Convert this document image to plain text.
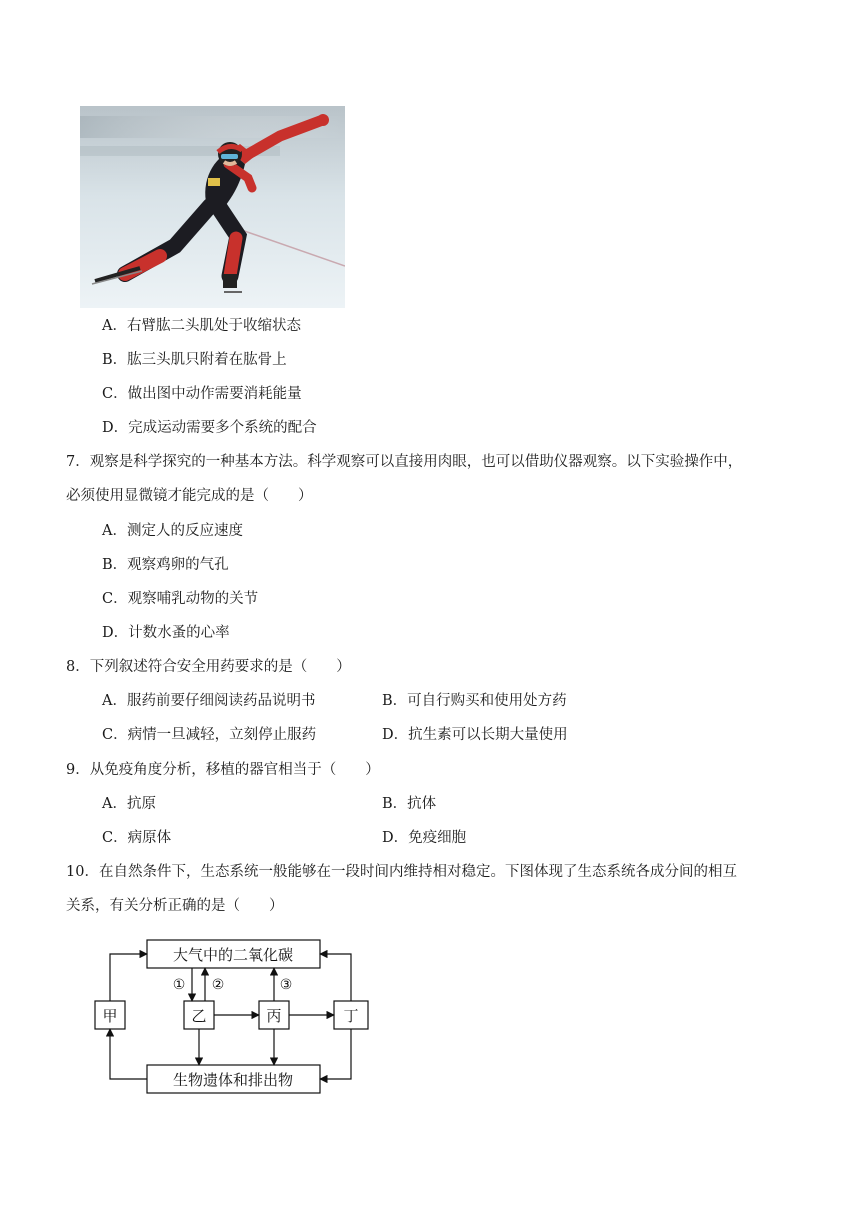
A．右臂肱二头肌处于收缩状态
B．肱三头肌只附着在肱骨上
C．做出图中动作需要消耗能量
D．完成运动需要多个系统的配合
7．观察是科学探究的一种基本方法。科学观察可以直接用肉眼，也可以借助仪器观察。以下实验操作中，
必须使用显微镜才能完成的是（　　）
A．测定人的反应速度
B．观察鸡卵的气孔
C．观察哺乳动物的关节
D．计数水蚤的心率
8．下列叙述符合安全用药要求的是（　　）
A．服药前要仔细阅读药品说明书	B．可自行购买和使用处方药
C．病情一旦减轻，立刻停止服药	D．抗生素可以长期大量使用
9．从免疫角度分析，移植的器官相当于（　　）
A．抗原	B．抗体
C．病原体	D．免疫细胞
10．在自然条件下，生态系统一般能够在一段时间内维持相对稳定。下图体现了生态系统各成分间的相互
关系，有关分析正确的是（　　）
大气中的二氧化碳
生物遗体和排出物
甲	乙	丙	丁
① ②	③
